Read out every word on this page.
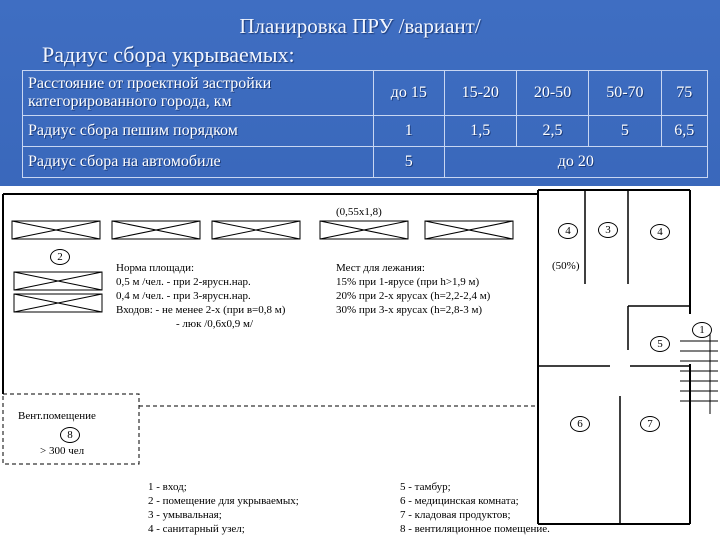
Планировка ПРУ /вариант/
Радиус сбора укрываемых:
Расстояние от проектной застройки категорированного города, км	до 15	15-20	20-50	50-70	75
Радиус сбора пешим порядком	1	1,5	2,5	5	6,5
Радиус сбора на автомобиле	5	до 20			
(0,55х1,8)
Норма площади:
0,5 м /чел. - при 2-ярусн.нар.
0,4 м /чел. - при 3-ярусн.нар.
Входов: - не менее 2-х (при в=0,8 м)
- люк /0,6х0,9 м/
Мест для лежания:
15% при 1-ярусе (при h>1,9 м)
20% при 2-х ярусах (h=2,2-2,4 м)
30% при 3-х ярусах (h=2,8-3 м)
(50%)
Вент.помещение
> 300 чел
2
4	3	4
1
5
6	7
8
1 - вход;
2 - помещение для укрываемых;
3 - умывальная;
4 - санитарный узел;
5 - тамбур;
6 - медицинская комната;
7 - кладовая продуктов;
8 - вентиляционное помещение.
